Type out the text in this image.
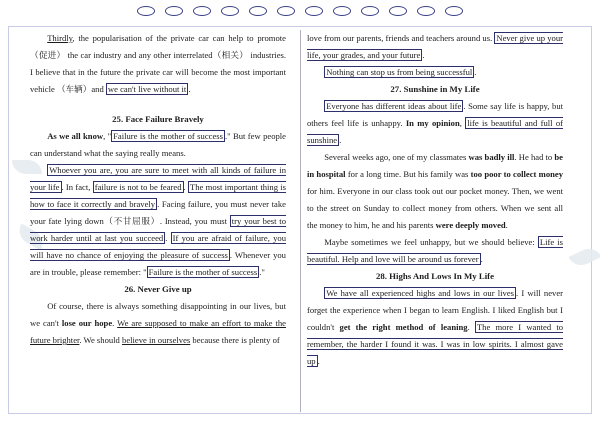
Thirdly, the popularisation of the private car can help to promote（促进） the car industry and any other interrelated（相关） industries. I believe that in the future the private car will become the most important vehicle （车辆）and we can't live without it .

25. Face Failure Bravely

As we all know, " Failure is the mother of success ." But few people can understand what the saying really means.

Whoever you are, you are sure to meet with all kinds of failure in your life . In fact, failure is not to be feared . The most important thing is how to face it correctly and bravely . Facing failure, you must never take your fate lying down（不甘屈服）. Instead, you must try your best to work harder until at last you succeed . If you are afraid of failure, you will have no chance of enjoying the pleasure of success . Whenever you are in trouble, please remember: " Failure is the mother of success ."

26. Never Give up

Of course, there is always something disappointing in our lives, but we can't lose our hope. We are supposed to make an effort to make the future brighter. We should believe in ourselves because there is plenty of

love from our parents, friends and teachers around us. Never give up your life, your grades, and your future .

Nothing can stop us from being successful .

27. Sunshine in My Life

Everyone has different ideas about life . Some say life is happy, but others feel life is unhappy. In my opinion, life is beautiful and full of sunshine .

Several weeks ago, one of my classmates was badly ill. He had to be in hospital for a long time. But his family was too poor to collect money for him. Everyone in our class took out our pocket money. Then, we went to the street on Sunday to collect money from others. When we sent all the money to him, he and his parents were deeply moved.

Maybe sometimes we feel unhappy, but we should believe: Life is beautiful. Help and love will be around us forever .

28. Highs And Lows In My Life

We have all experienced highs and lows in our lives . I will never forget the experience when I began to learn English. I liked English but I couldn't get the right method of leaning. The more I wanted to remember, the harder I found it was. I was in low spirits. I almost gave up .
